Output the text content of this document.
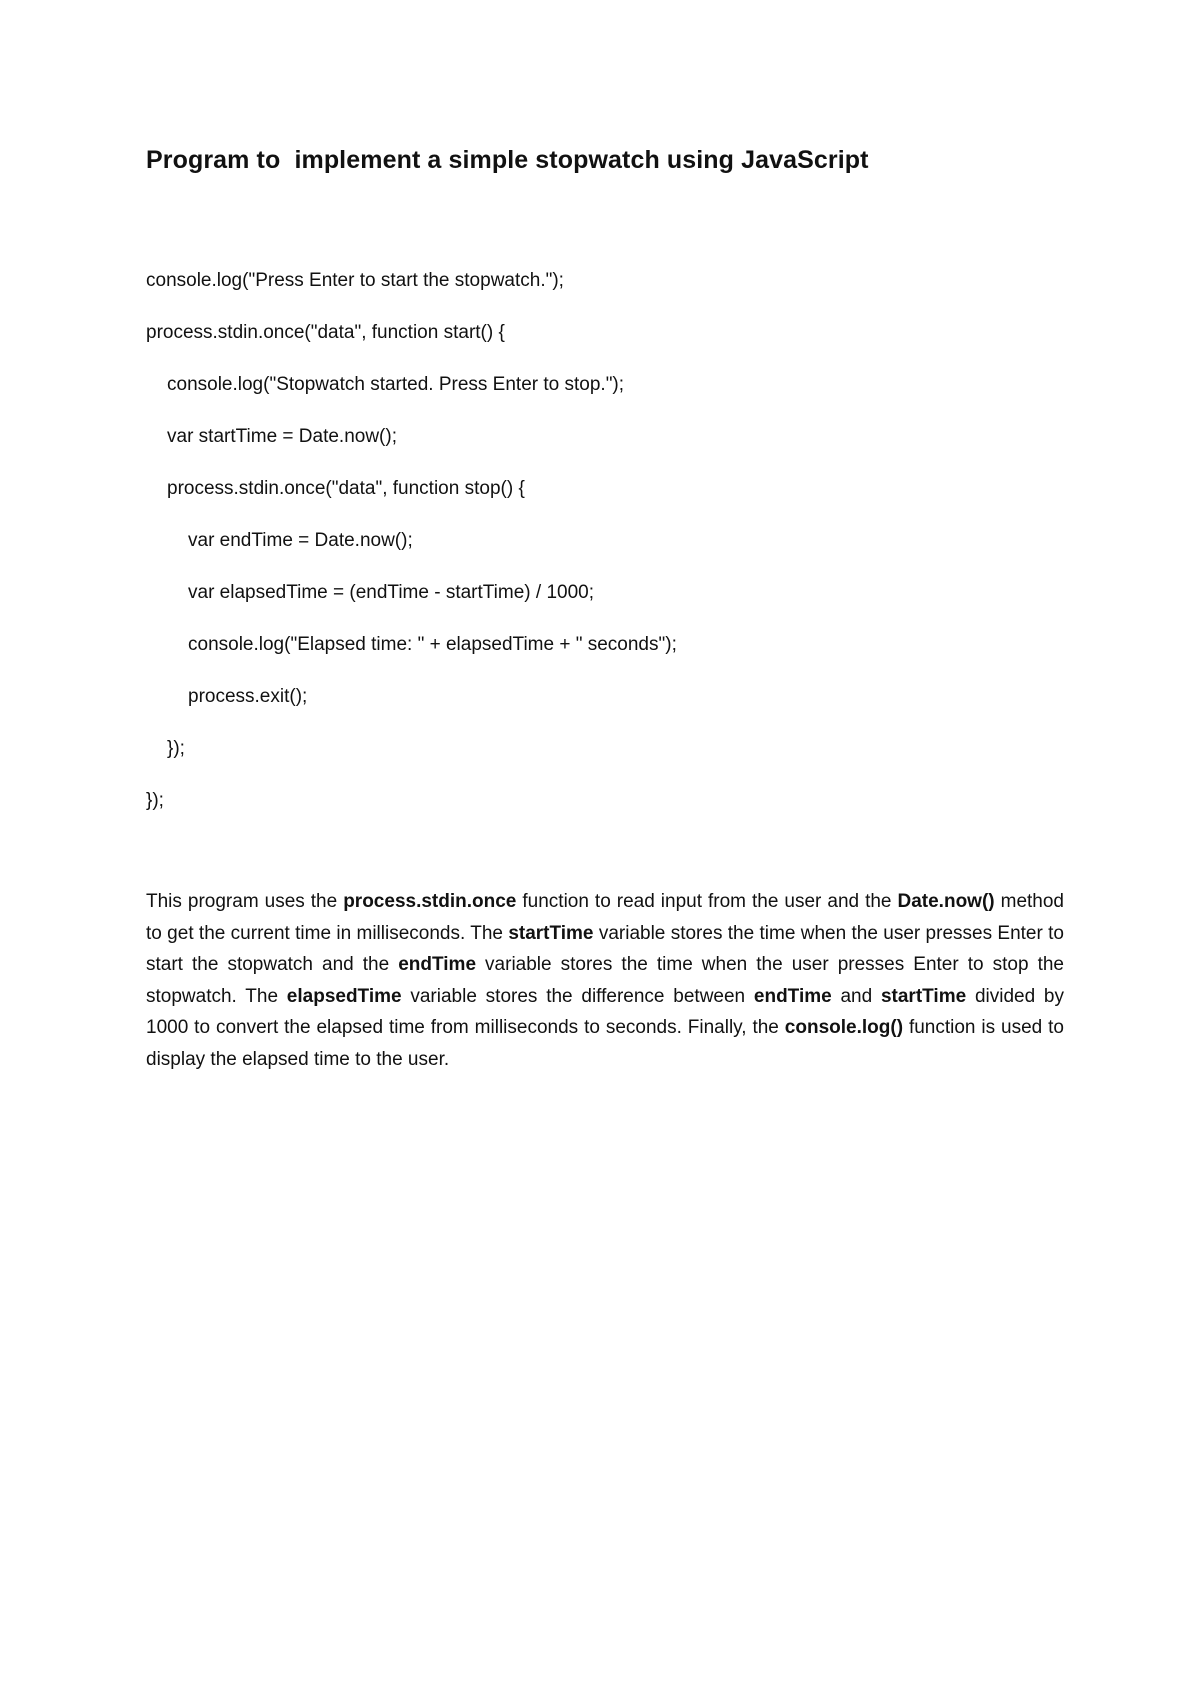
Program to  implement a simple stopwatch using JavaScript
console.log("Press Enter to start the stopwatch.");
process.stdin.once("data", function start() {
console.log("Stopwatch started. Press Enter to stop.");
var startTime = Date.now();
process.stdin.once("data", function stop() {
var endTime = Date.now();
var elapsedTime = (endTime - startTime) / 1000;
console.log("Elapsed time: " + elapsedTime + " seconds");
process.exit();
});
});

This program uses the process.stdin.once function to read input from the user and the Date.now() method to get the current time in milliseconds. The startTime variable stores the time when the user presses Enter to start the stopwatch and the endTime variable stores the time when the user presses Enter to stop the stopwatch. The elapsedTime variable stores the difference between endTime and startTime divided by 1000 to convert the elapsed time from milliseconds to seconds. Finally, the console.log() function is used to display the elapsed time to the user.
